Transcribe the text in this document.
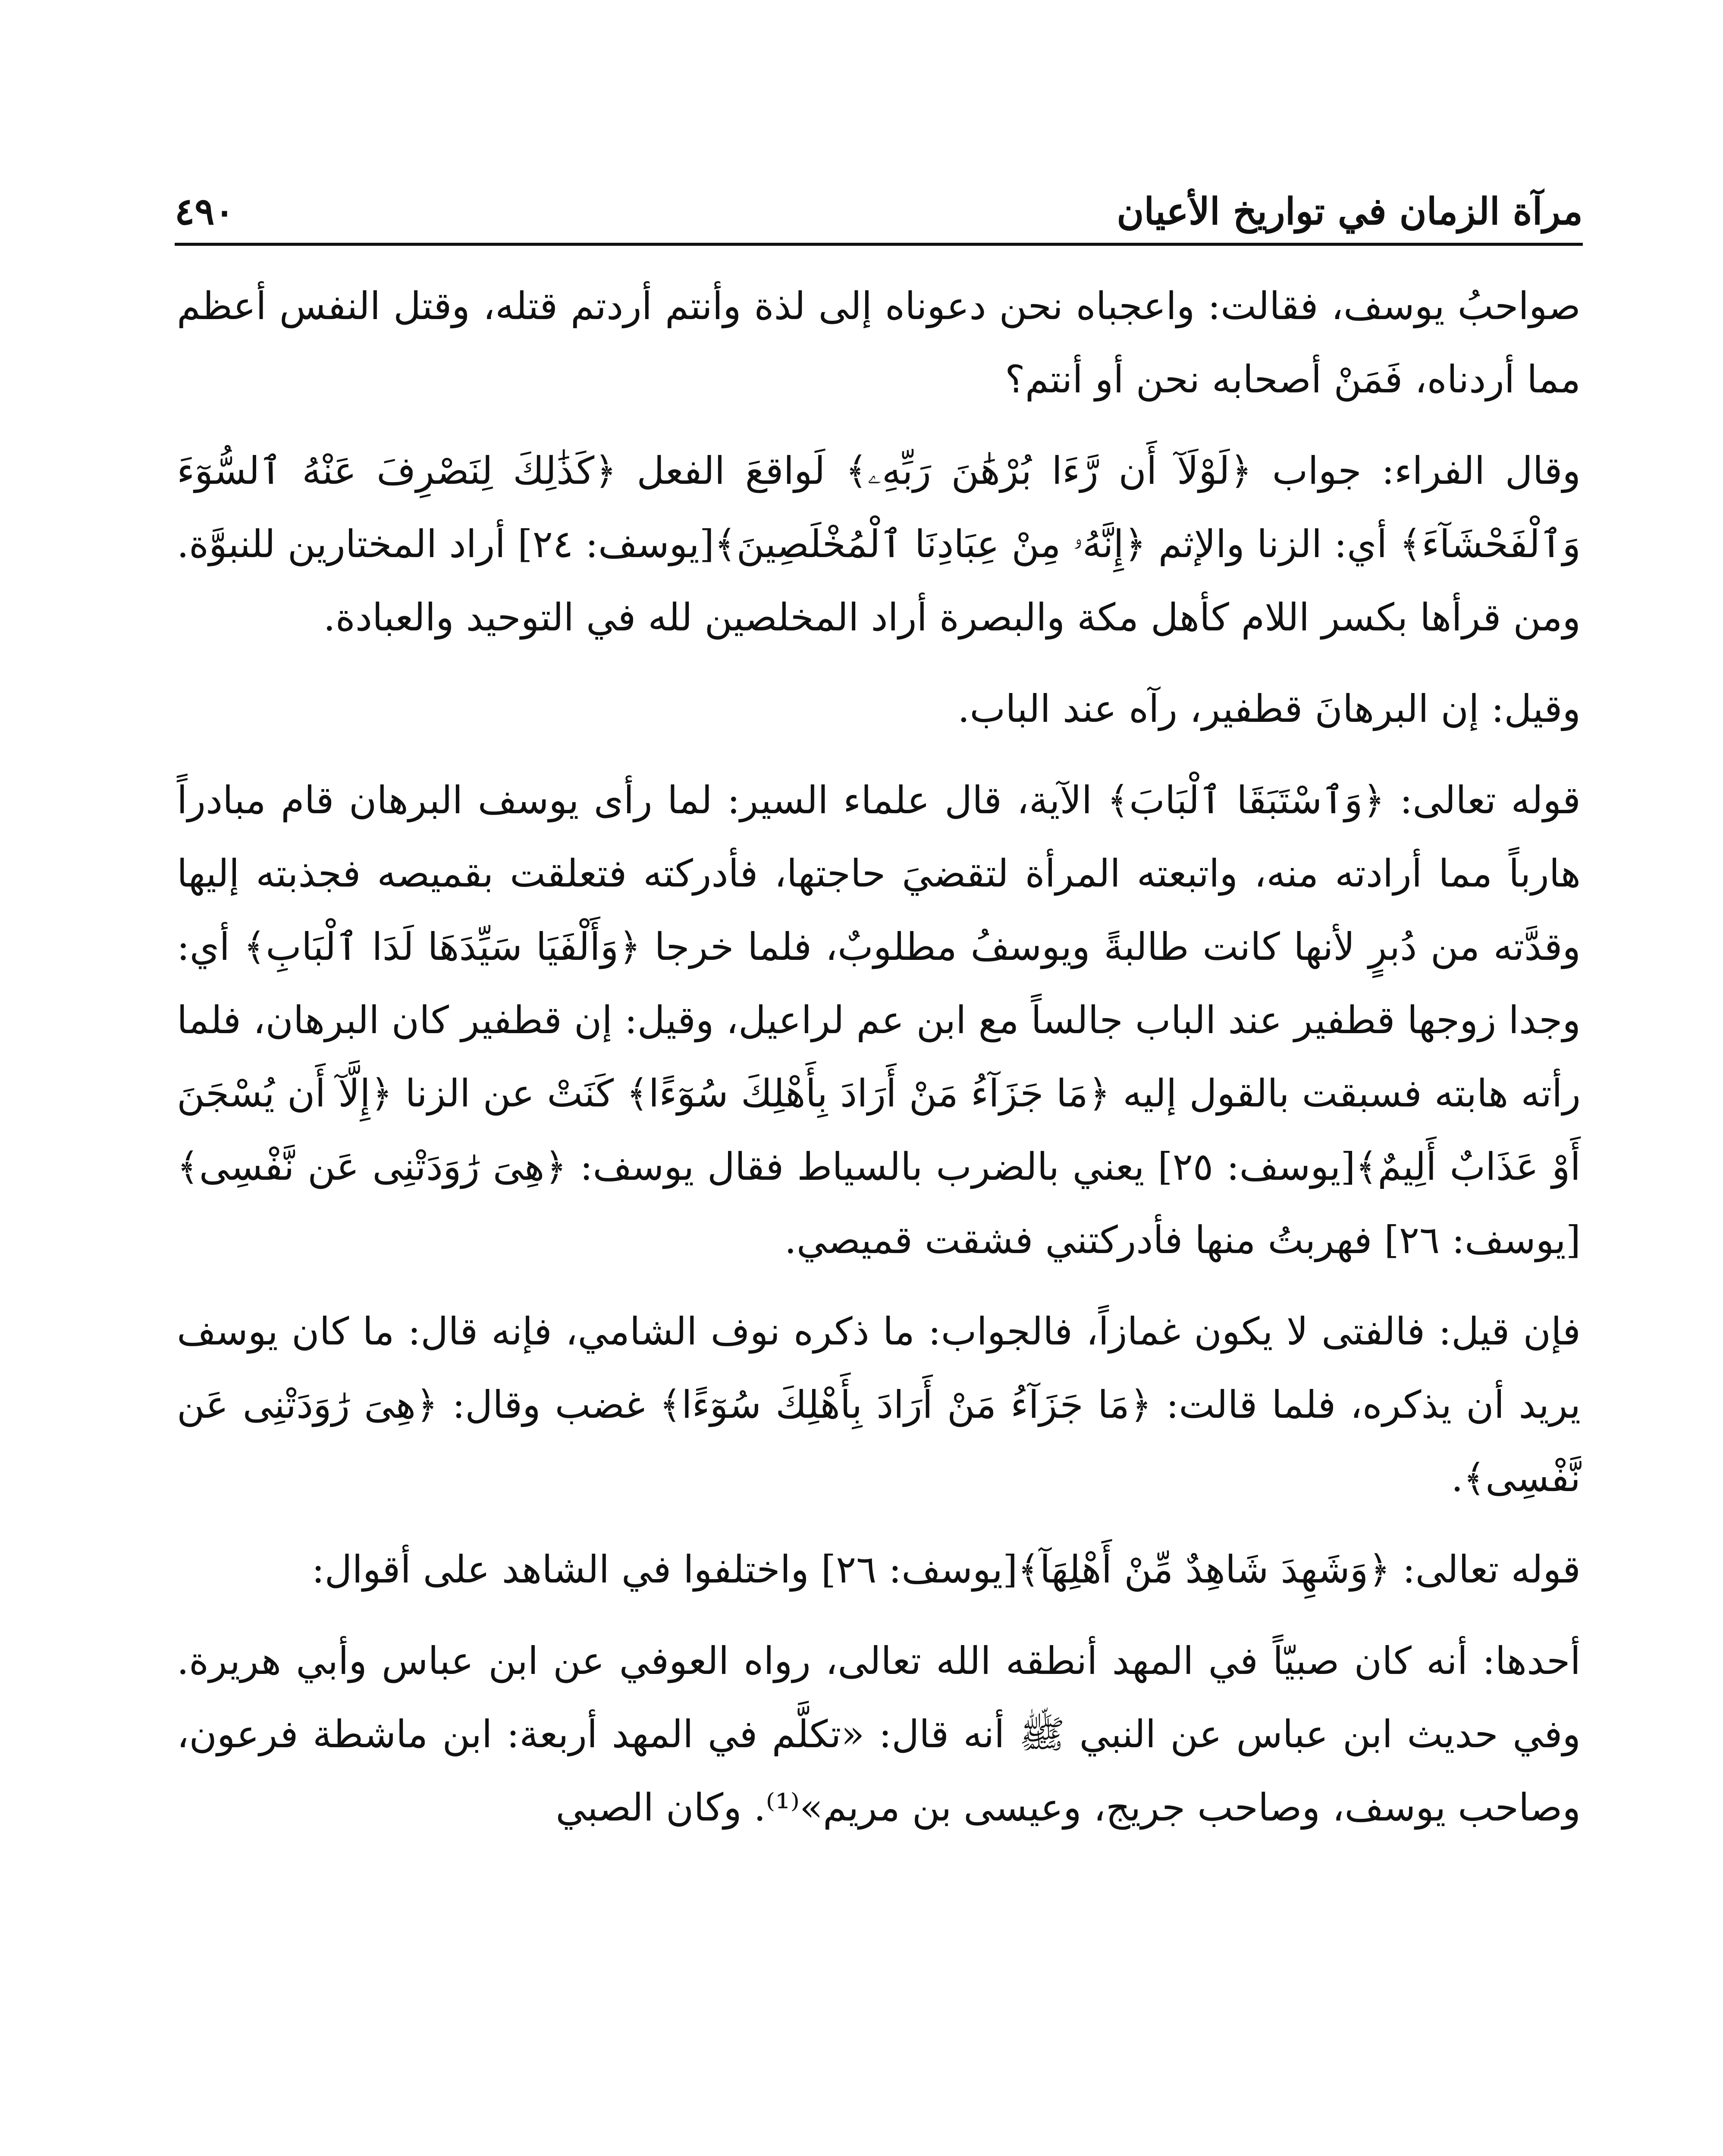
مرآة الزمان في تواريخ الأعيان
٤٩٠

صواحبُ يوسف، فقالت: واعجباه نحن دعوناه إلى لذة وأنتم أردتم قتله، وقتل النفس أعظم مما أردناه، فَمَنْ أصحابه نحن أو أنتم؟

وقال الفراء: جواب ﴿لَوْلَآ أَن رَّءَا بُرْهَٰنَ رَبِّهِۦ﴾ لَواقعَ الفعل ﴿كَذَٰلِكَ لِنَصْرِفَ عَنْهُ ٱلسُّوٓءَ وَٱلْفَحْشَآءَ﴾ أي: الزنا والإثم ﴿إِنَّهُۥ مِنْ عِبَادِنَا ٱلْمُخْلَصِينَ﴾[يوسف: ٢٤] أراد المختارين للنبوَّة. ومن قرأها بكسر اللام كأهل مكة والبصرة أراد المخلصين لله في التوحيد والعبادة.

وقيل: إن البرهانَ قطفير، رآه عند الباب.

قوله تعالى: ﴿وَٱسْتَبَقَا ٱلْبَابَ﴾ الآية، قال علماء السير: لما رأى يوسف البرهان قام مبادراً هارباً مما أرادته منه، واتبعته المرأة لتقضيَ حاجتها، فأدركته فتعلقت بقميصه فجذبته إليها وقدَّته من دُبرٍ لأنها كانت طالبةً ويوسفُ مطلوبٌ، فلما خرجا ﴿وَأَلْفَيَا سَيِّدَهَا لَدَا ٱلْبَابِ﴾ أي: وجدا زوجها قطفير عند الباب جالساً مع ابن عم لراعيل، وقيل: إن قطفير كان البرهان، فلما رأته هابته فسبقت بالقول إليه ﴿مَا جَزَآءُ مَنْ أَرَادَ بِأَهْلِكَ سُوٓءًا﴾ كَنَتْ عن الزنا ﴿إِلَّآ أَن يُسْجَنَ أَوْ عَذَابٌ أَلِيمٌ﴾[يوسف: ٢٥] يعني بالضرب بالسياط فقال يوسف: ﴿هِىَ رَٰوَدَتْنِى عَن نَّفْسِى﴾[يوسف: ٢٦] فهربتُ منها فأدركتني فشقت قميصي.

فإن قيل: فالفتى لا يكون غمازاً، فالجواب: ما ذكره نوف الشامي، فإنه قال: ما كان يوسف يريد أن يذكره، فلما قالت: ﴿مَا جَزَآءُ مَنْ أَرَادَ بِأَهْلِكَ سُوٓءًا﴾ غضب وقال: ﴿هِىَ رَٰوَدَتْنِى عَن نَّفْسِى﴾.

قوله تعالى: ﴿وَشَهِدَ شَاهِدٌ مِّنْ أَهْلِهَآ﴾[يوسف: ٢٦] واختلفوا في الشاهد على أقوال:

أحدها: أنه كان صبيّاً في المهد أنطقه الله تعالى، رواه العوفي عن ابن عباس وأبي هريرة. وفي حديث ابن عباس عن النبي ﷺ أنه قال: «تكلَّم في المهد أربعة: ابن ماشطة فرعون، وصاحب يوسف، وصاحب جريج، وعيسى بن مريم»⁽¹⁾. وكان الصبي
